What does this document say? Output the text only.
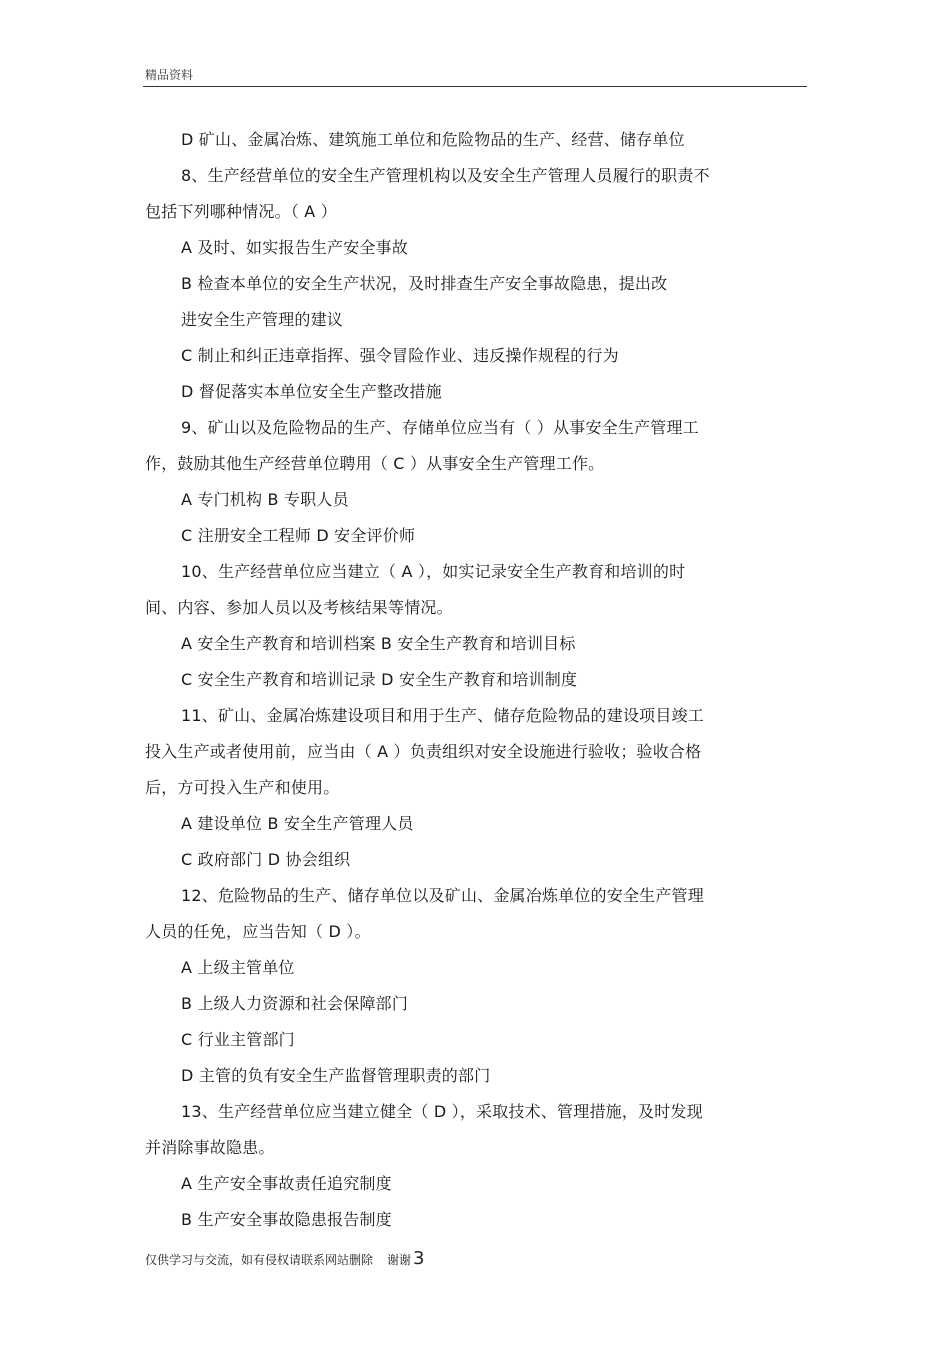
精品资料
D 矿山、金属冶炼、建筑施工单位和危险物品的生产、经营、储存单位
8、生产经营单位的安全生产管理机构以及安全生产管理人员履行的职责不
包括下列哪种情况。（ A ）
A 及时、如实报告生产安全事故
B 检查本单位的安全生产状况，及时排查生产安全事故隐患，提出改
进安全生产管理的建议
C 制止和纠正违章指挥、强令冒险作业、违反操作规程的行为
D 督促落实本单位安全生产整改措施
9、矿山以及危险物品的生产、存储单位应当有（ ）从事安全生产管理工
作，鼓励其他生产经营单位聘用（ C ）从事安全生产管理工作。
A 专门机构 B 专职人员
C 注册安全工程师 D 安全评价师
10、生产经营单位应当建立（ A ），如实记录安全生产教育和培训的时
间、内容、参加人员以及考核结果等情况。
A 安全生产教育和培训档案 B 安全生产教育和培训目标
C 安全生产教育和培训记录 D 安全生产教育和培训制度
11、矿山、金属冶炼建设项目和用于生产、储存危险物品的建设项目竣工
投入生产或者使用前，应当由（ A ）负责组织对安全设施进行验收；验收合格
后，方可投入生产和使用。
A 建设单位 B 安全生产管理人员
C 政府部门 D 协会组织
12、危险物品的生产、储存单位以及矿山、金属冶炼单位的安全生产管理
人员的任免，应当告知（ D ）。
A 上级主管单位
B 上级人力资源和社会保障部门
C 行业主管部门
D 主管的负有安全生产监督管理职责的部门
13、生产经营单位应当建立健全（ D ），采取技术、管理措施，及时发现
并消除事故隐患。
A 生产安全事故责任追究制度
B 生产安全事故隐患报告制度
仅供学习与交流，如有侵权请联系网站删除 谢谢 3
